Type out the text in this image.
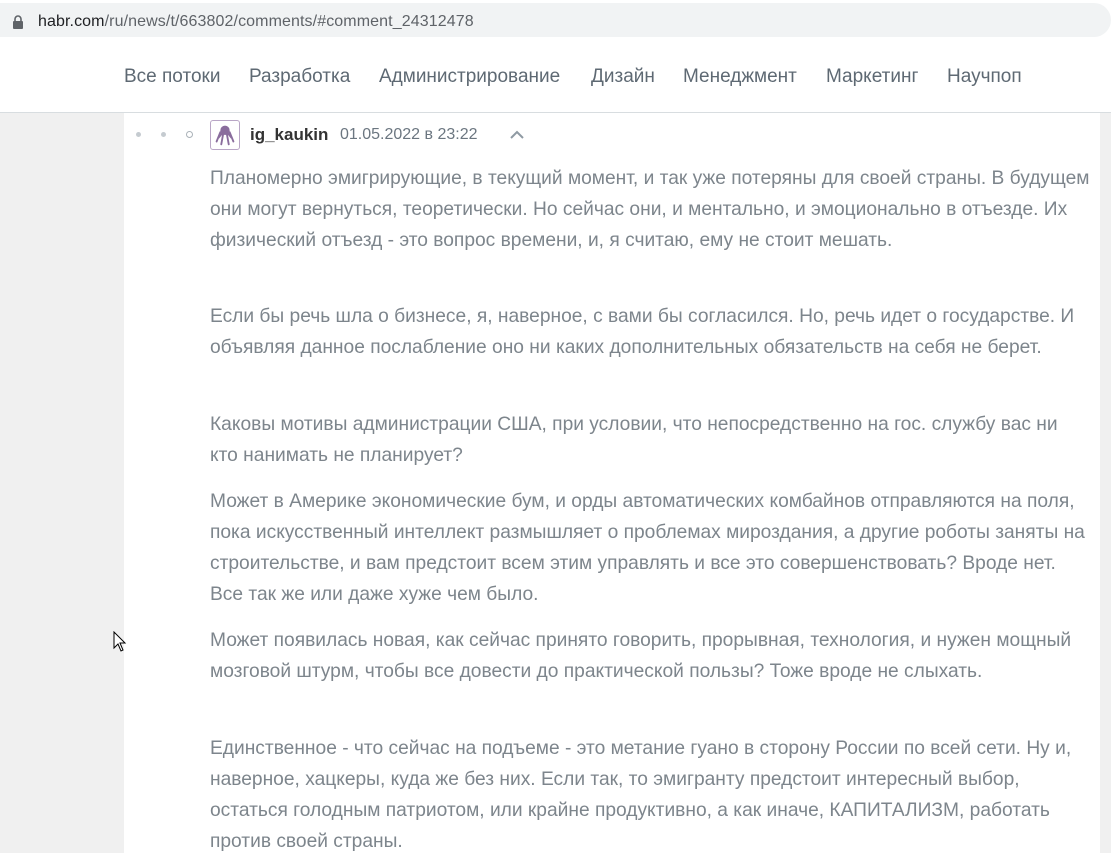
habr.com/ru/news/t/663802/comments/#comment_24312478
Все потоки Разработка Администрирование Дизайн Менеджмент Маркетинг Научпоп
ig_kaukin 01.05.2022 в 23:22

Планомерно эмигрирующие, в текущий момент, и так уже потеряны для своей страны. В будущем они могут вернуться, теоретически. Но сейчас они, и ментально, и эмоционально в отъезде. Их физический отъезд - это вопрос времени, и, я считаю, ему не стоит мешать.

Если бы речь шла о бизнесе, я, наверное, с вами бы согласился. Но, речь идет о государстве. И объявляя данное послабление оно ни каких дополнительных обязательств на себя не берет.

Каковы мотивы администрации США, при условии, что непосредственно на гос. службу вас ни кто нанимать не планирует?

Может в Америке экономические бум, и орды автоматических комбайнов отправляются на поля, пока искусственный интеллект размышляет о проблемах мироздания, а другие роботы заняты на строительстве, и вам предстоит всем этим управлять и все это совершенствовать? Вроде нет. Все так же или даже хуже чем было.

Может появилась новая, как сейчас принято говорить, прорывная, технология, и нужен мощный мозговой штурм, чтобы все довести до практической пользы? Тоже вроде не слыхать.

Единственное - что сейчас на подъеме - это метание гуано в сторону России по всей сети. Ну и, наверное, хацкеры, куда же без них. Если так, то эмигранту предстоит интересный выбор, остаться голодным патриотом, или крайне продуктивно, а как иначе, КАПИТАЛИЗМ, работать против своей страны.
